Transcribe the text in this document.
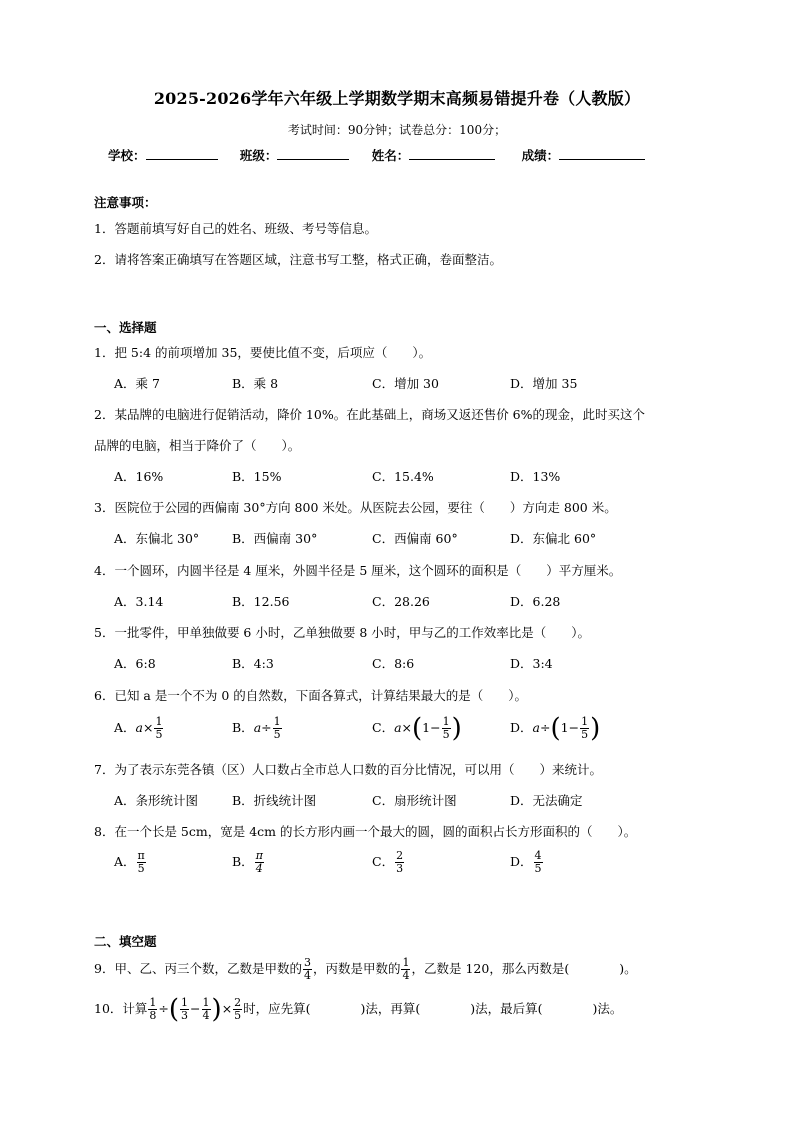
2025-2026学年六年级上学期数学期末高频易错提升卷（人教版）
考试时间：90分钟；试卷总分：100分；
学校：	班级：	姓名：	成绩：
注意事项：
1．答题前填写好自己的姓名、班级、考号等信息。
2．请将答案正确填写在答题区域，注意书写工整，格式正确，卷面整洁。
一、选择题
1．把 5:4 的前项增加 35，要使比值不变，后项应（　　）。
A．乘 7	B．乘 8	C．增加 30	D．增加 35
2．某品牌的电脑进行促销活动，降价 10%。在此基础上，商场又返还售价 6%的现金，此时买这个
品牌的电脑，相当于降价了（　　）。
A．16%	B．15%	C．15.4%	D．13%
3．医院位于公园的西偏南 30°方向 800 米处。从医院去公园，要往（　　）方向走 800 米。
A．东偏北 30°	B．西偏南 30°	C．西偏南 60°	D．东偏北 60°
4．一个圆环，内圆半径是 4 厘米，外圆半径是 5 厘米，这个圆环的面积是（　　）平方厘米。
A．3.14	B．12.56	C．28.26	D．6.28
5．一批零件，甲单独做要 6 小时，乙单独做要 8 小时，甲与乙的工作效率比是（　　）。
A．6:8	B．4:3	C．8:6	D．3:4
6．已知 a 是一个不为 0 的自然数，下面各算式，计算结果最大的是（　　）。
A．$a\times \frac{1}{5}$	B．$a\div \frac{1}{5}$	C．$a\times(1- \frac{1}{5}$ )	D．$a\div(1- \frac{1}{5}$ )
7．为了表示东莞各镇（区）人口数占全市总人口数的百分比情况，可以用（　　）来统计。
A．条形统计图	B．折线统计图	C．扇形统计图	D．无法确定
8．在一个长是 5cm，宽是 4cm 的长方形内画一个最大的圆，圆的面积占长方形面积的（　　）。
A． $\frac{\pi}{5}$	B． $\frac{\pi}{4}$	C． $\frac{2}{3}$	D． $\frac{4}{5}$
二、填空题
9．甲、乙、丙三个数，乙数是甲数的 $\frac{3}{4}$ ，丙数是甲数的 $\frac{1}{4}$ ，乙数是 120，那么丙数是(　　　　)。
10．计算 $\frac{1}{8}$ ÷( $\frac{1}{3} - \frac{1}{4}$ )× $\frac{2}{5}$ 时，应先算(　　　　)法，再算(　　　　)法，最后算(　　　　)法。
